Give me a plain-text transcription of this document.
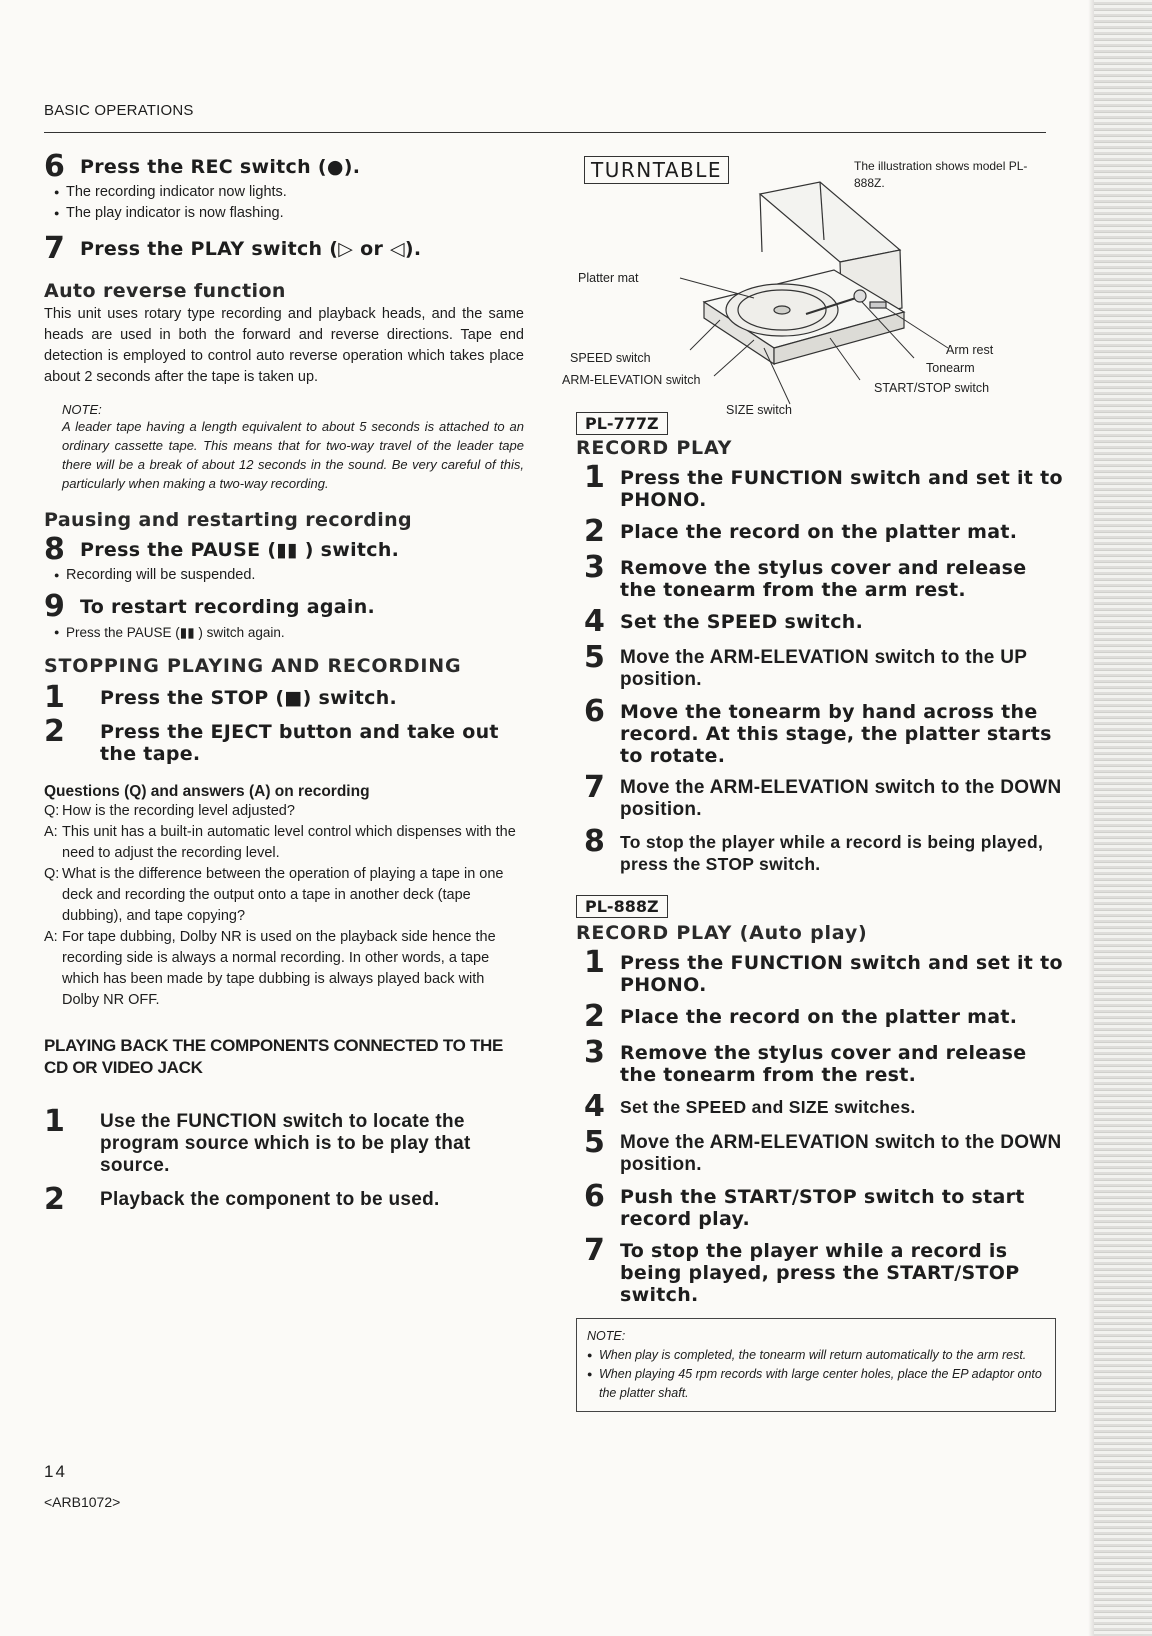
BASIC OPERATIONS
6 Press the REC switch (●).
● The recording indicator now lights.
● The play indicator is now flashing.
7 Press the PLAY switch (▷ or ◁).
Auto reverse function
This unit uses rotary type recording and playback heads, and the same heads are used in both the forward and reverse directions. Tape end detection is employed to control auto reverse operation which takes place about 2 seconds after the tape is taken up.
NOTE:
A leader tape having a length equivalent to about 5 seconds is attached to an ordinary cassette tape. This means that for two-way travel of the leader tape there will be a break of about 12 seconds in the sound. Be very careful of this, particularly when making a two-way recording.
Pausing and restarting recording
8 Press the PAUSE (▮▮ ) switch.
● Recording will be suspended.
9 To restart recording again.
● Press the PAUSE (▮▮ ) switch again.
STOPPING PLAYING AND RECORDING
1	Press the STOP (■) switch.
2	Press the EJECT button and take out the tape.
Questions (Q) and answers (A) on recording
Q: How is the recording level adjusted?
A: This unit has a built-in automatic level control which dispenses with the need to adjust the recording level.
Q: What is the difference between the operation of playing a tape in one deck and recording the output onto a tape in another deck (tape dubbing), and tape copying?
A: For tape dubbing, Dolby NR is used on the playback side hence the recording side is always a normal recording. In other words, a tape which has been made by tape dubbing is always played back with Dolby NR OFF.
PLAYING BACK THE COMPONENTS CONNECTED TO THE CD OR VIDEO JACK
1	Use the FUNCTION switch to locate the program source which is to be play that source.
2	Playback the component to be used.
TURNTABLE	The illustration shows model PL-888Z.
Platter mat
SPEED switch
ARM-ELEVATION switch
SIZE switch
Arm rest
Tonearm
START/STOP switch
PL-777Z
RECORD PLAY
1 Press the FUNCTION switch and set it to PHONO.
2 Place the record on the platter mat.
3 Remove the stylus cover and release the tonearm from the arm rest.
4 Set the SPEED switch.
5 Move the ARM-ELEVATION switch to the UP position.
6 Move the tonearm by hand across the record. At this stage, the platter starts to rotate.
7 Move the ARM-ELEVATION switch to the DOWN position.
8 To stop the player while a record is being played, press the STOP switch.
PL-888Z
RECORD PLAY (Auto play)
1 Press the FUNCTION switch and set it to PHONO.
2 Place the record on the platter mat.
3 Remove the stylus cover and release the tonearm from the rest.
4 Set the SPEED and SIZE switches.
5 Move the ARM-ELEVATION switch to the DOWN position.
6 Push the START/STOP switch to start record play.
7 To stop the player while a record is being played, press the START/STOP switch.
NOTE:
● When play is completed, the tonearm will return automatically to the arm rest.
● When playing 45 rpm records with large center holes, place the EP adaptor onto the platter shaft.
14
<ARB1072>
